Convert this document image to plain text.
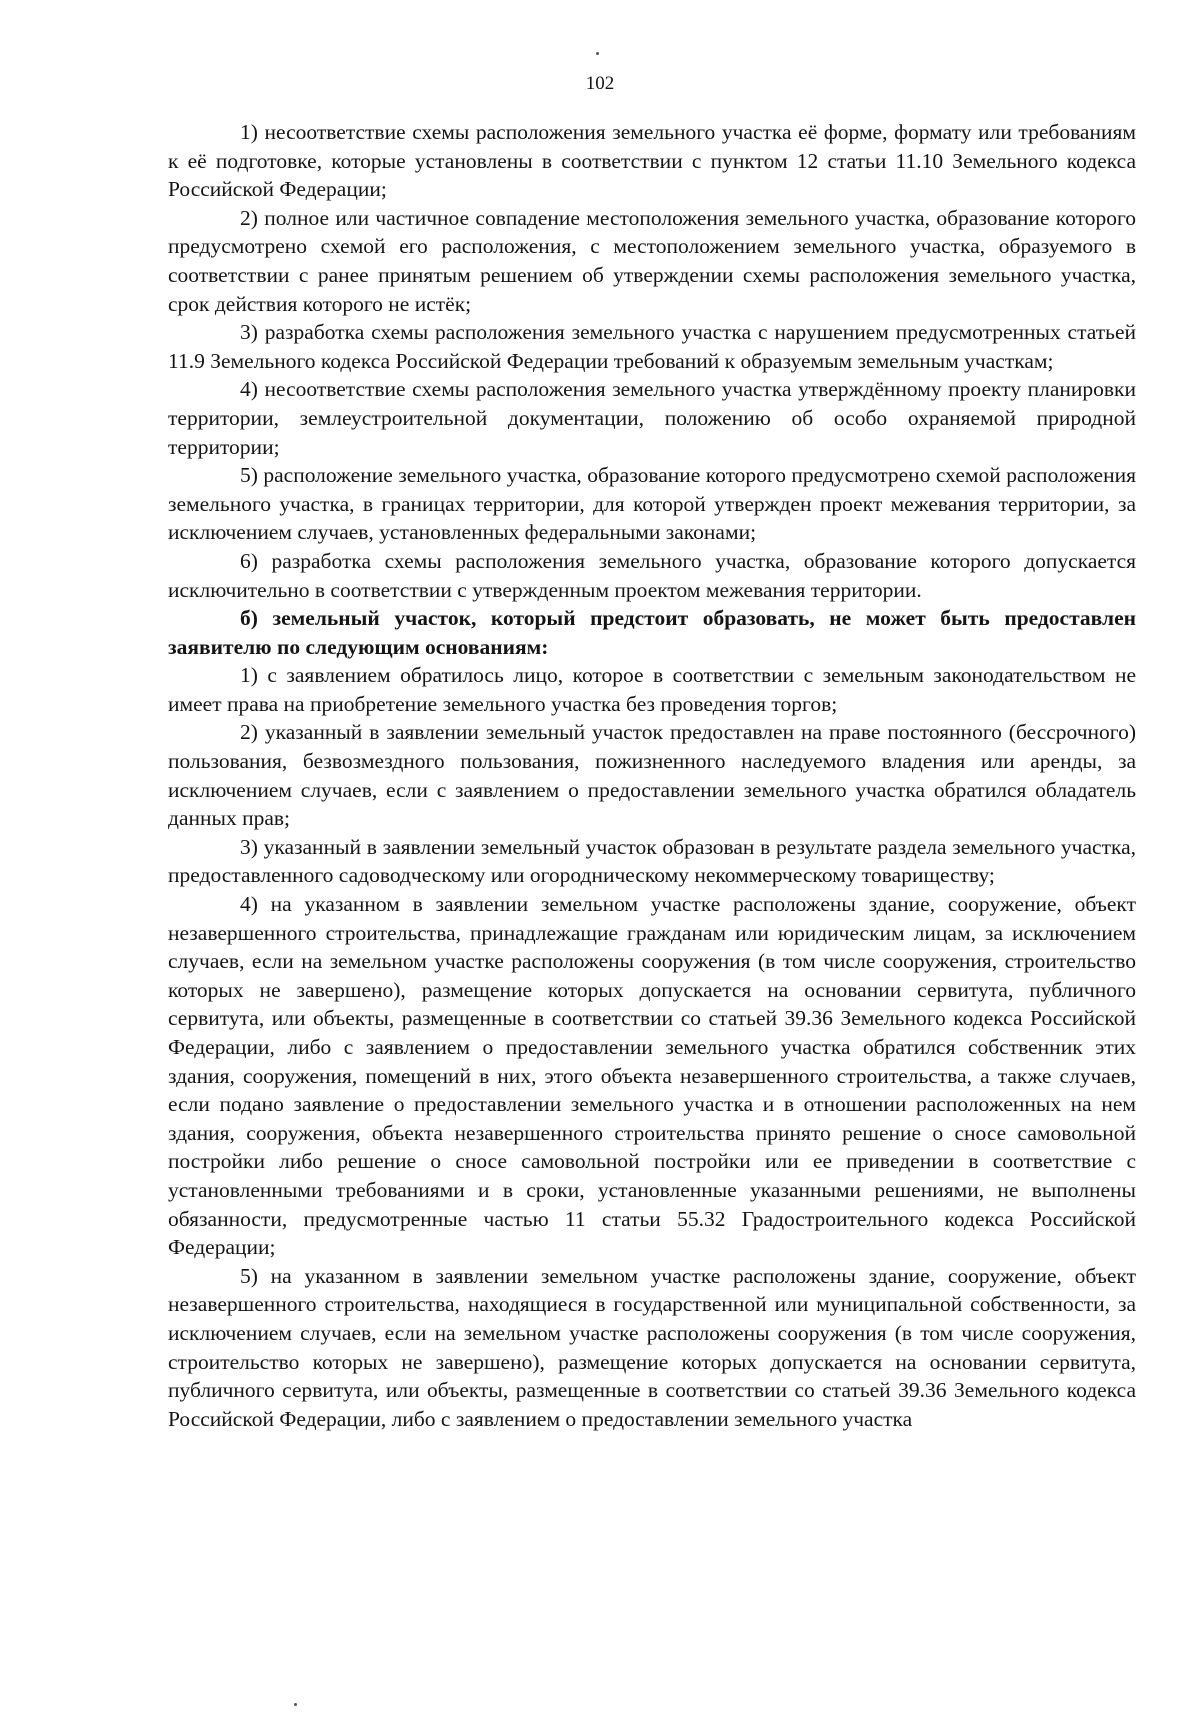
102

1) несоответствие схемы расположения земельного участка её форме, формату или требованиям к её подготовке, которые установлены в соответствии с пунктом 12 статьи 11.10 Земельного кодекса Российской Федерации;

2) полное или частичное совпадение местоположения земельного участка, образование которого предусмотрено схемой его расположения, с местоположением земельного участка, образуемого в соответствии с ранее принятым решением об утверждении схемы расположения земельного участка, срок действия которого не истёк;

3) разработка схемы расположения земельного участка с нарушением предусмотренных статьей 11.9 Земельного кодекса Российской Федерации требований к образуемым земельным участкам;

4) несоответствие схемы расположения земельного участка утверждённому проекту планировки территории, землеустроительной документации, положению об особо охраняемой природной территории;

5) расположение земельного участка, образование которого предусмотрено схемой расположения земельного участка, в границах территории, для которой утвержден проект межевания территории, за исключением случаев, установленных федеральными законами;

6) разработка схемы расположения земельного участка, образование которого допускается исключительно в соответствии с утвержденным проектом межевания территории.

б) земельный участок, который предстоит образовать, не может быть предоставлен заявителю по следующим основаниям:

1) с заявлением обратилось лицо, которое в соответствии с земельным законодательством не имеет права на приобретение земельного участка без проведения торгов;

2) указанный в заявлении земельный участок предоставлен на праве постоянного (бессрочного) пользования, безвозмездного пользования, пожизненного наследуемого владения или аренды, за исключением случаев, если с заявлением о предоставлении земельного участка обратился обладатель данных прав;

3) указанный в заявлении земельный участок образован в результате раздела земельного участка, предоставленного садоводческому или огородническому некоммерческому товариществу;

4) на указанном в заявлении земельном участке расположены здание, сооружение, объект незавершенного строительства, принадлежащие гражданам или юридическим лицам, за исключением случаев, если на земельном участке расположены сооружения (в том числе сооружения, строительство которых не завершено), размещение которых допускается на основании сервитута, публичного сервитута, или объекты, размещенные в соответствии со статьей 39.36 Земельного кодекса Российской Федерации, либо с заявлением о предоставлении земельного участка обратился собственник этих здания, сооружения, помещений в них, этого объекта незавершенного строительства, а также случаев, если подано заявление о предоставлении земельного участка и в отношении расположенных на нем здания, сооружения, объекта незавершенного строительства принято решение о сносе самовольной постройки либо решение о сносе самовольной постройки или ее приведении в соответствие с установленными требованиями и в сроки, установленные указанными решениями, не выполнены обязанности, предусмотренные частью 11 статьи 55.32 Градостроительного кодекса Российской Федерации;

5) на указанном в заявлении земельном участке расположены здание, сооружение, объект незавершенного строительства, находящиеся в государственной или муниципальной собственности, за исключением случаев, если на земельном участке расположены сооружения (в том числе сооружения, строительство которых не завершено), размещение которых допускается на основании сервитута, публичного сервитута, или объекты, размещенные в соответствии со статьей 39.36 Земельного кодекса Российской Федерации, либо с заявлением о предоставлении земельного участка
